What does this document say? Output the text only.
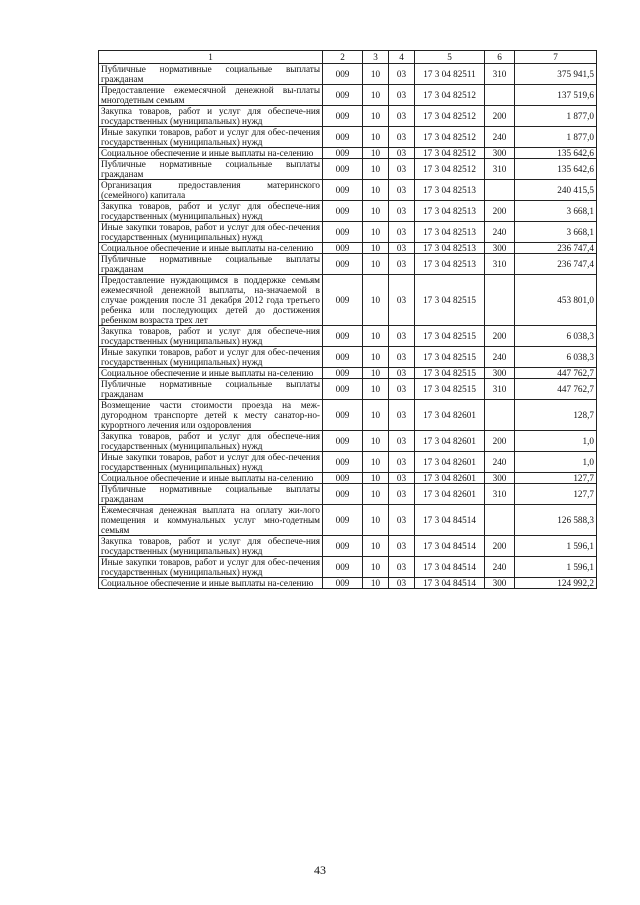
1	2	3	4	5	6	7
Публичные нормативные социальные выплаты гражданам	009	10	03	17 3 04 82511	310	375 941,5
Предоставление ежемесячной денежной вы-платы многодетным семьям	009	10	03	17 3 04 82512		137 519,6
Закупка товаров, работ и услуг для обеспече-ния государственных (муниципальных) нужд	009	10	03	17 3 04 82512	200	1 877,0
Иные закупки товаров, работ и услуг для обес-печения государственных (муниципальных) нужд	009	10	03	17 3 04 82512	240	1 877,0
Социальное обеспечение и иные выплаты на-селению	009	10	03	17 3 04 82512	300	135 642,6
Публичные нормативные социальные выплаты гражданам	009	10	03	17 3 04 82512	310	135 642,6
Организация предоставления материнского (семейного) капитала	009	10	03	17 3 04 82513		240 415,5
Закупка товаров, работ и услуг для обеспече-ния государственных (муниципальных) нужд	009	10	03	17 3 04 82513	200	3 668,1
Иные закупки товаров, работ и услуг для обес-печения государственных (муниципальных) нужд	009	10	03	17 3 04 82513	240	3 668,1
Социальное обеспечение и иные выплаты на-селению	009	10	03	17 3 04 82513	300	236 747,4
Публичные нормативные социальные выплаты гражданам	009	10	03	17 3 04 82513	310	236 747,4
Предоставление нуждающимся в поддержке семьям ежемесячной денежной выплаты, на-значаемой в случае рождения после 31 декабря 2012 года третьего ребенка или последующих детей до достижения ребенком возраста трех лет	009	10	03	17 3 04 82515		453 801,0
Закупка товаров, работ и услуг для обеспече-ния государственных (муниципальных) нужд	009	10	03	17 3 04 82515	200	6 038,3
Иные закупки товаров, работ и услуг для обес-печения государственных (муниципальных) нужд	009	10	03	17 3 04 82515	240	6 038,3
Социальное обеспечение и иные выплаты на-селению	009	10	03	17 3 04 82515	300	447 762,7
Публичные нормативные социальные выплаты гражданам	009	10	03	17 3 04 82515	310	447 762,7
Возмещение части стоимости проезда на меж-дугородном транспорте детей к месту санатор-но-курортного лечения или оздоровления	009	10	03	17 3 04 82601		128,7
Закупка товаров, работ и услуг для обеспече-ния государственных (муниципальных) нужд	009	10	03	17 3 04 82601	200	1,0
Иные закупки товаров, работ и услуг для обес-печения государственных (муниципальных) нужд	009	10	03	17 3 04 82601	240	1,0
Социальное обеспечение и иные выплаты на-селению	009	10	03	17 3 04 82601	300	127,7
Публичные нормативные социальные выплаты гражданам	009	10	03	17 3 04 82601	310	127,7
Ежемесячная денежная выплата на оплату жи-лого помещения и коммунальных услуг мно-годетным семьям	009	10	03	17 3 04 84514		126 588,3
Закупка товаров, работ и услуг для обеспече-ния государственных (муниципальных) нужд	009	10	03	17 3 04 84514	200	1 596,1
Иные закупки товаров, работ и услуг для обес-печения государственных (муниципальных) нужд	009	10	03	17 3 04 84514	240	1 596,1
Социальное обеспечение и иные выплаты на-селению	009	10	03	17 3 04 84514	300	124 992,2
43
